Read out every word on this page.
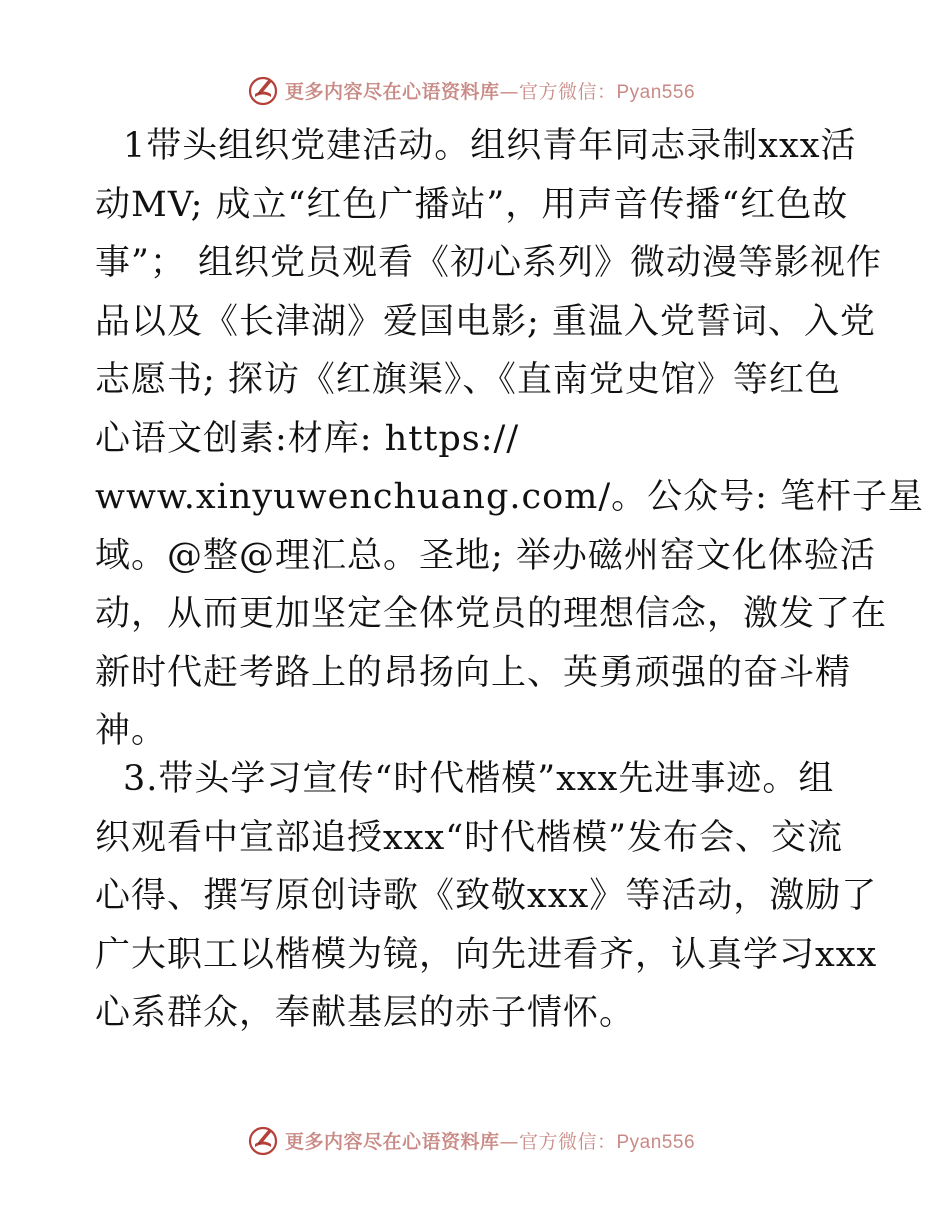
更多内容尽在心语资料库—官方微信：Pyan556
1带头组织党建活动。组织青年同志录制xxx活
动MV; 成立“红色广播站”，用声音传播“红色故
事”； 组织党员观看《初心系列》微动漫等影视作
品以及《长津湖》爱国电影; 重温入党誓词、入党
志愿书; 探访《红旗渠》、《直南党史馆》等红色
心语文创素:材库: https://
www.xinyuwenchuang.com/。公众号: 笔杆子星
域。@整@理汇总。圣地; 举办磁州窑文化体验活
动，从而更加坚定全体党员的理想信念，激发了在
新时代赶考路上的昂扬向上、英勇顽强的奋斗精
神。
3.带头学习宣传“时代楷模”xxx先进事迹。组
织观看中宣部追授xxx“时代楷模”发布会、交流
心得、撰写原创诗歌《致敬xxx》等活动，激励了
广大职工以楷模为镜，向先进看齐，认真学习xxx
心系群众，奉献基层的赤子情怀。
更多内容尽在心语资料库—官方微信：Pyan556
